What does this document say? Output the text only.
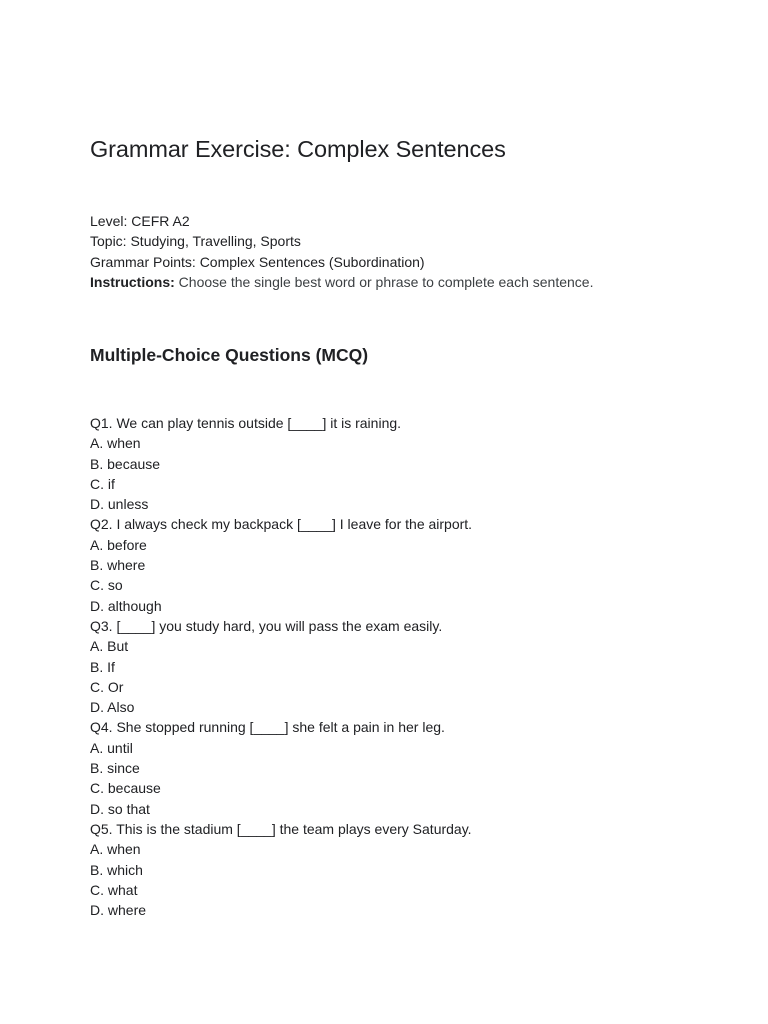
Grammar Exercise: Complex Sentences
Level: CEFR A2
Topic: Studying, Travelling, Sports
Grammar Points: Complex Sentences (Subordination)
Instructions: Choose the single best word or phrase to complete each sentence.
Multiple-Choice Questions (MCQ)
Q1. We can play tennis outside [____] it is raining.
A. when
B. because
C. if
D. unless
Q2. I always check my backpack [____] I leave for the airport.
A. before
B. where
C. so
D. although
Q3. [____] you study hard, you will pass the exam easily.
A. But
B. If
C. Or
D. Also
Q4. She stopped running [____] she felt a pain in her leg.
A. until
B. since
C. because
D. so that
Q5. This is the stadium [____] the team plays every Saturday.
A. when
B. which
C. what
D. where
